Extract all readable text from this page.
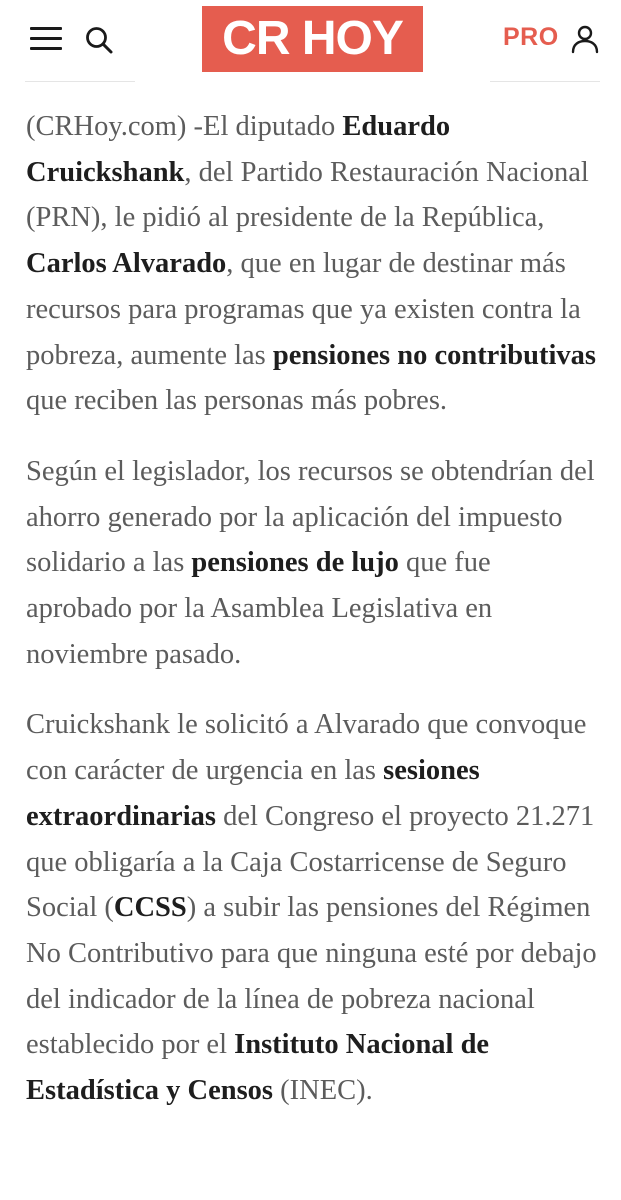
CR HOY	PRO

(CRHoy.com) -El diputado Eduardo Cruickshank, del Partido Restauración Nacional (PRN), le pidió al presidente de la República, Carlos Alvarado, que en lugar de destinar más recursos para programas que ya existen contra la pobreza, aumente las pensiones no contributivas que reciben las personas más pobres.

Según el legislador, los recursos se obtendrían del ahorro generado por la aplicación del impuesto solidario a las pensiones de lujo que fue aprobado por la Asamblea Legislativa en noviembre pasado.

Cruickshank le solicitó a Alvarado que convoque con carácter de urgencia en las sesiones extraordinarias del Congreso el proyecto 21.271 que obligaría a la Caja Costarricense de Seguro Social (CCSS) a subir las pensiones del Régimen No Contributivo para que ninguna esté por debajo del indicador de la línea de pobreza nacional establecido por el Instituto Nacional de Estadística y Censos (INEC).
